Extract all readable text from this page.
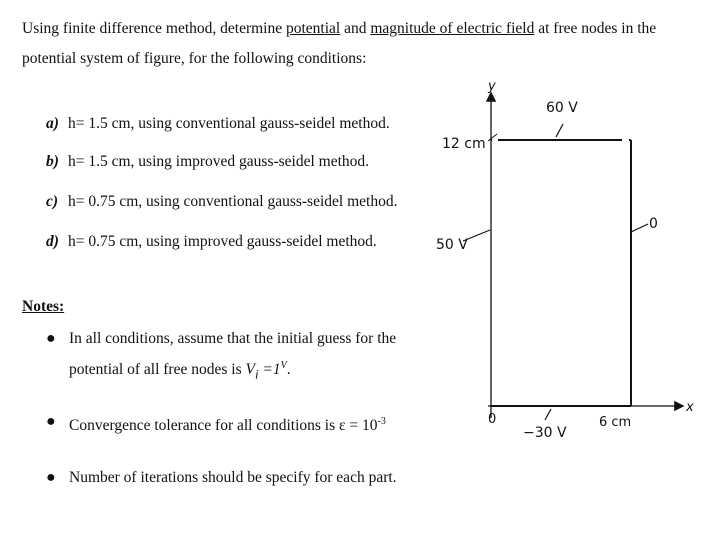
Using finite difference method, determine potential and magnitude of electric field at free nodes in the potential system of figure, for the following conditions:
a) h= 1.5 cm, using conventional gauss-seidel method.
b) h= 1.5 cm, using improved gauss-seidel method.
c) h= 0.75 cm, using conventional gauss-seidel method.
d) h= 0.75 cm, using improved gauss-seidel method.
Notes:
● In all conditions, assume that the initial guess for the
potential of all free nodes is $V_i =1^V$.
● Convergence tolerance for all conditions is $\varepsilon = 10^{-3}$
● Number of iterations should be specify for each part.
y
x
60 V
50 V
0
−30 V
0
12 cm
6 cm
